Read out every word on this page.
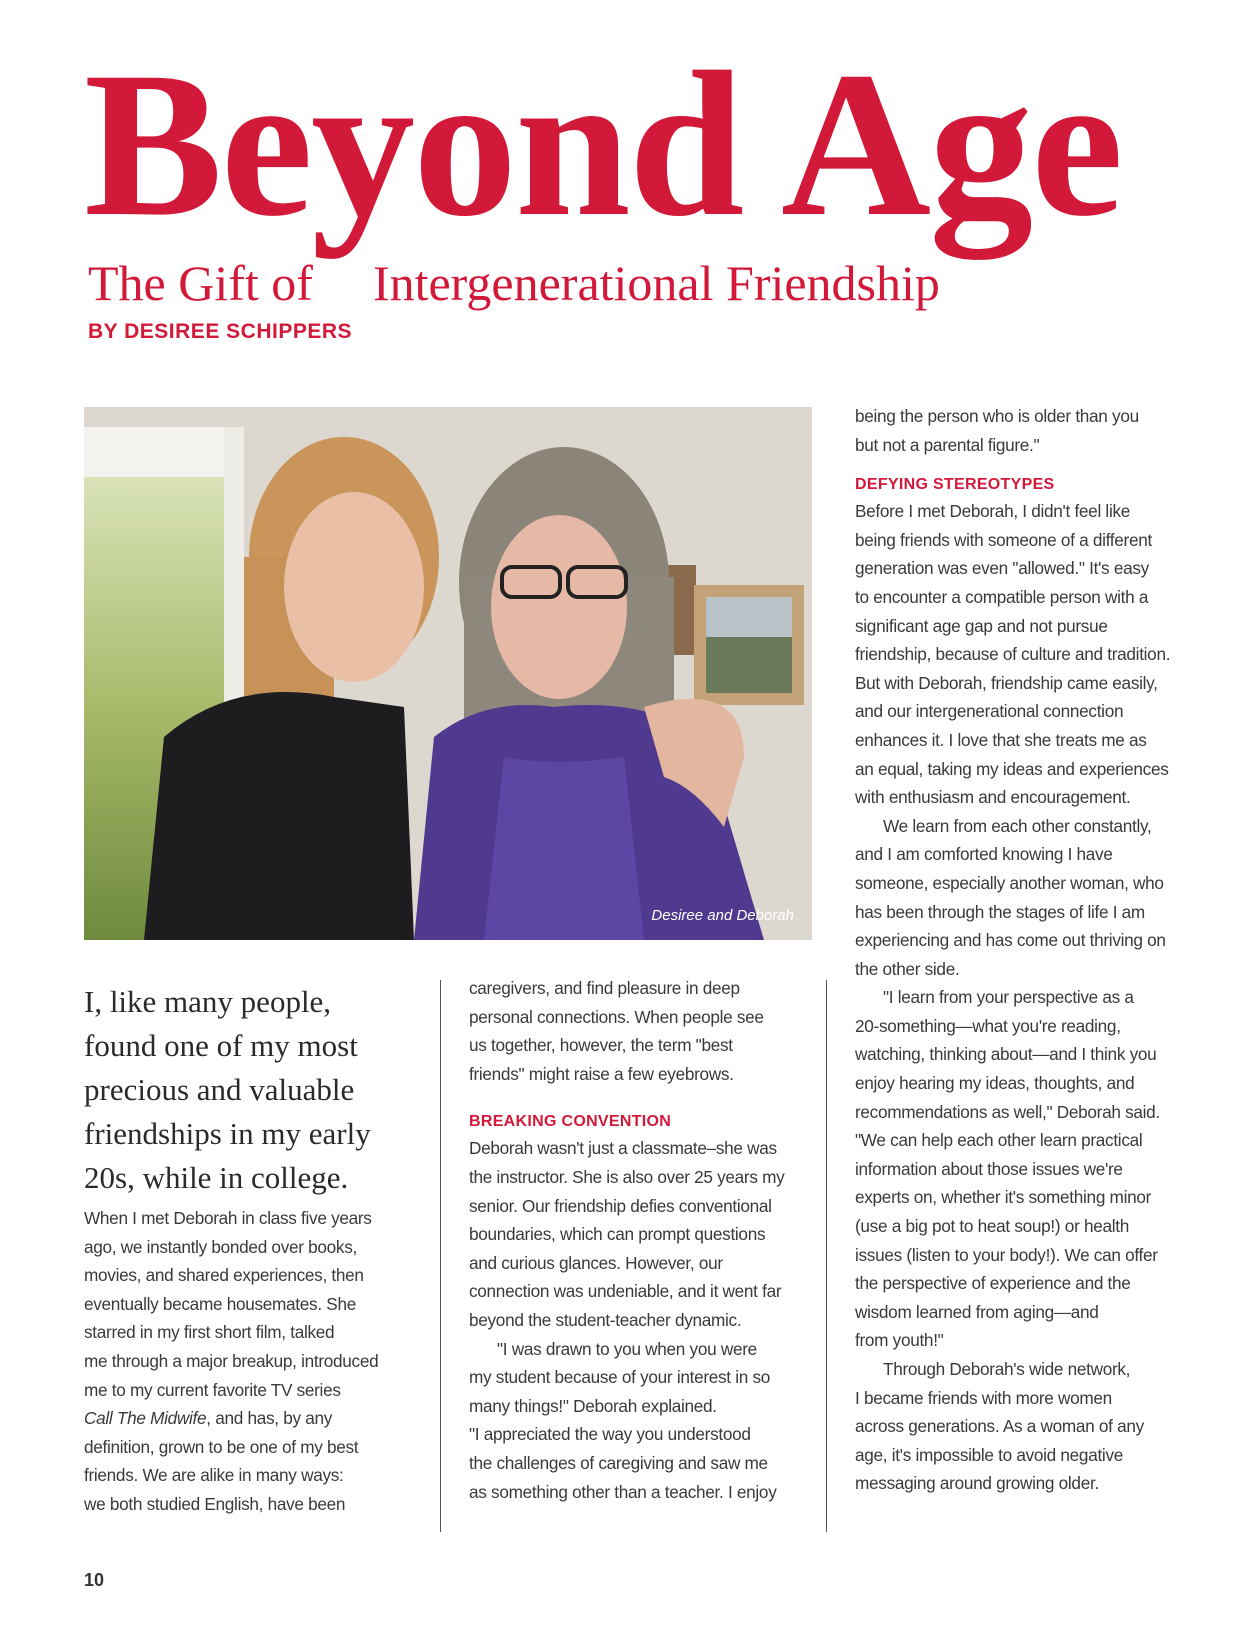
Beyond Age
The Gift of Intergenerational Friendship
BY DESIREE SCHIPPERS
Desiree and Deborah

I, like many people,

found one of my most

precious and valuable

friendships in my early

20s, while in college.

When I met Deborah in class five years

ago, we instantly bonded over books,

movies, and shared experiences, then

eventually became housemates. She

starred in my first short film, talked

me through a major breakup, introduced

me to my current favorite TV series

Call The Midwife, and has, by any

definition, grown to be one of my best

friends. We are alike in many ways:

we both studied English, have been

caregivers, and find pleasure in deep

personal connections. When people see

us together, however, the term "best

friends" might raise a few eyebrows.

BREAKING CONVENTION

Deborah wasn't just a classmate–she was

the instructor. She is also over 25 years my

senior. Our friendship defies conventional

boundaries, which can prompt questions

and curious glances. However, our

connection was undeniable, and it went far

beyond the student-teacher dynamic.

"I was drawn to you when you were

my student because of your interest in so

many things!" Deborah explained.

"I appreciated the way you understood

the challenges of caregiving and saw me

as something other than a teacher. I enjoy

being the person who is older than you

but not a parental figure."

DEFYING STEREOTYPES

Before I met Deborah, I didn't feel like

being friends with someone of a different

generation was even "allowed." It's easy

to encounter a compatible person with a

significant age gap and not pursue

friendship, because of culture and tradition.

But with Deborah, friendship came easily,

and our intergenerational connection

enhances it. I love that she treats me as

an equal, taking my ideas and experiences

with enthusiasm and encouragement.

We learn from each other constantly,

and I am comforted knowing I have

someone, especially another woman, who

has been through the stages of life I am

experiencing and has come out thriving on

the other side.

"I learn from your perspective as a

20-something—what you're reading,

watching, thinking about—and I think you

enjoy hearing my ideas, thoughts, and

recommendations as well," Deborah said.

"We can help each other learn practical

information about those issues we're

experts on, whether it's something minor

(use a big pot to heat soup!) or health

issues (listen to your body!). We can offer

the perspective of experience and the

wisdom learned from aging—and

from youth!"

Through Deborah's wide network,

I became friends with more women

across generations. As a woman of any

age, it's impossible to avoid negative

messaging around growing older.

10
